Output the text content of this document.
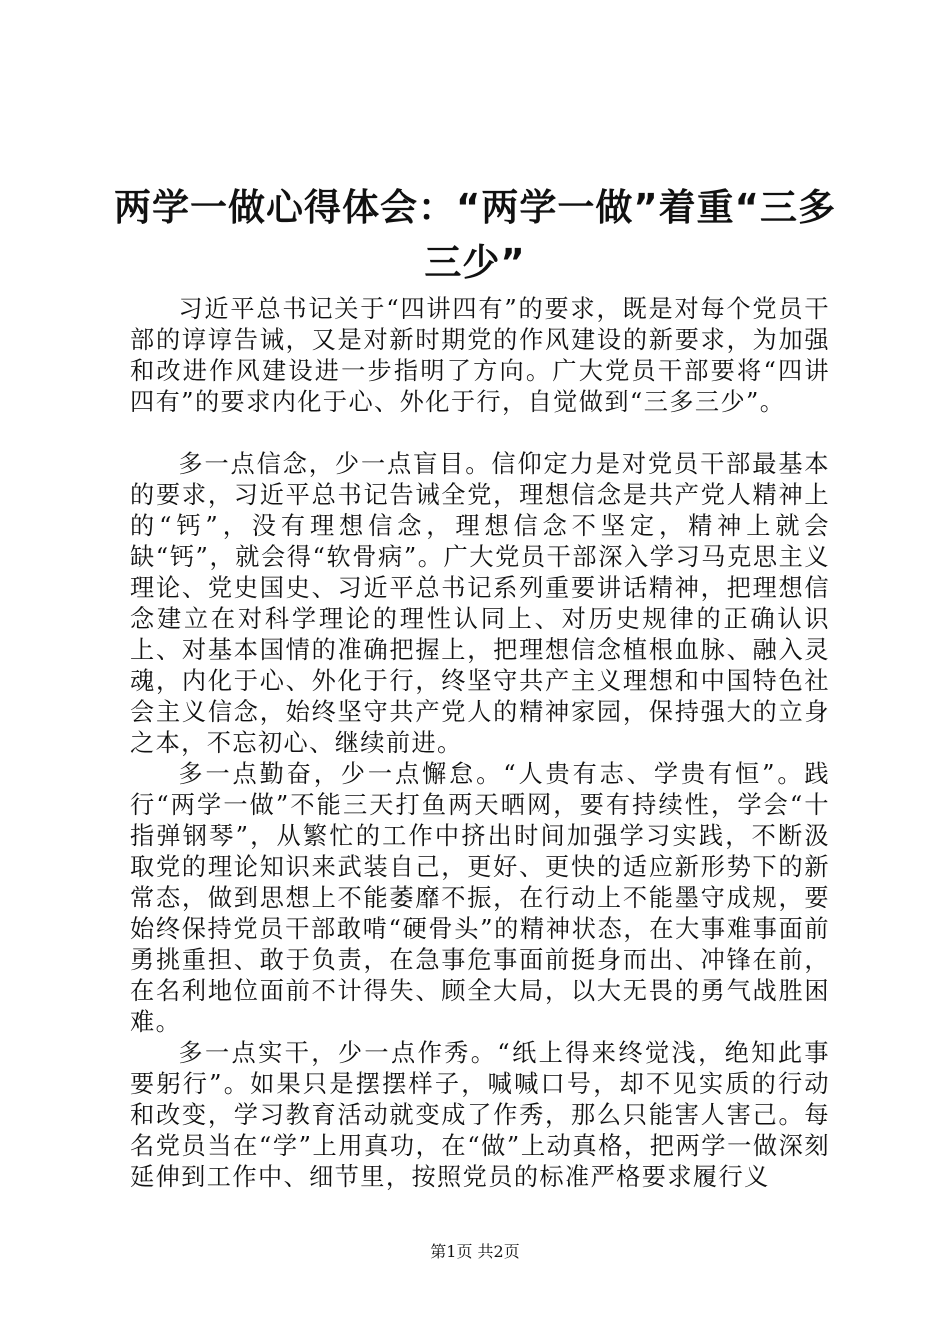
两学一做心得体会：“两学一做”着重“三多三少”

习近平总书记关于“四讲四有”的要求，既是对每个党员干部的谆谆告诫，又是对新时期党的作风建设的新要求，为加强和改进作风建设进一步指明了方向。广大党员干部要将“四讲四有”的要求内化于心、外化于行，自觉做到“三多三少”。

多一点信念，少一点盲目。信仰定力是对党员干部最基本的要求，习近平总书记告诫全党，理想信念是共产党人精神上的“钙”，没有理想信念，理想信念不坚定，精神上就会缺“钙”，就会得“软骨病”。广大党员干部深入学习马克思主义理论、党史国史、习近平总书记系列重要讲话精神，把理想信念建立在对科学理论的理性认同上、对历史规律的正确认识上、对基本国情的准确把握上，把理想信念植根血脉、融入灵魂，内化于心、外化于行，终坚守共产主义理想和中国特色社会主义信念，始终坚守共产党人的精神家园，保持强大的立身之本，不忘初心、继续前进。

多一点勤奋，少一点懈怠。“人贵有志、学贵有恒”。践行“两学一做”不能三天打鱼两天晒网，要有持续性，学会“十指弹钢琴”，从繁忙的工作中挤出时间加强学习实践，不断汲取党的理论知识来武装自己，更好、更快的适应新形势下的新常态，做到思想上不能萎靡不振，在行动上不能墨守成规，要始终保持党员干部敢啃“硬骨头”的精神状态，在大事难事面前勇挑重担、敢于负责，在急事危事面前挺身而出、冲锋在前，在名利地位面前不计得失、顾全大局，以大无畏的勇气战胜困难。

多一点实干，少一点作秀。“纸上得来终觉浅，绝知此事要躬行”。如果只是摆摆样子，喊喊口号，却不见实质的行动和改变，学习教育活动就变成了作秀，那么只能害人害己。每名党员当在“学”上用真功，在“做”上动真格，把两学一做深刻延伸到工作中、细节里，按照党员的标准严格要求履行义

第1页 共2页
